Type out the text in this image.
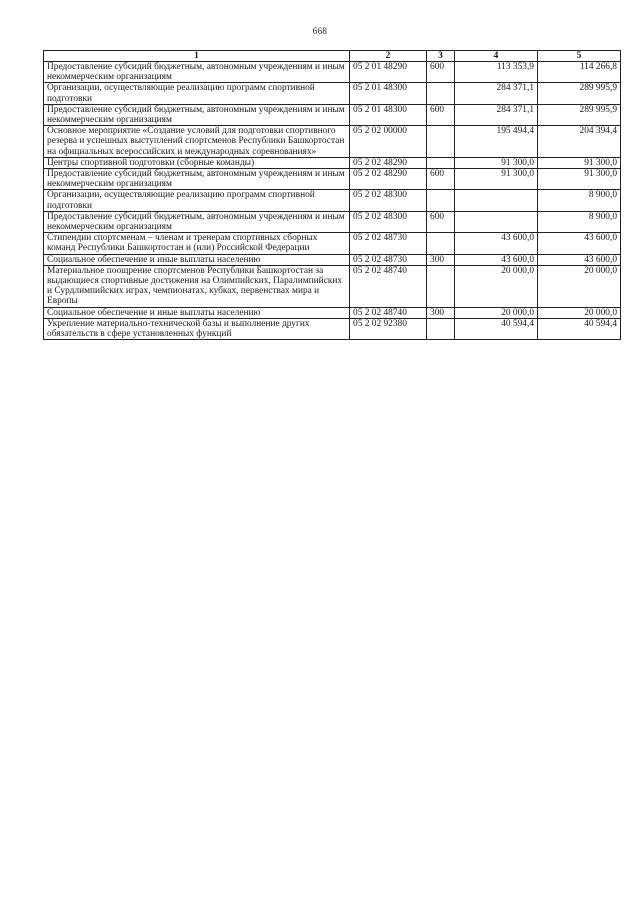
668
1	2	3	4	5
Предоставление субсидий бюджетным, автономным учреждениям и иным некоммерческим организациям	05 2 01 48290	600	113 353,9	114 266,8
Организации, осуществляющие реализацию программ спортивной подготовки	05 2 01 48300		284 371,1	289 995,9
Предоставление субсидий бюджетным, автономным учреждениям и иным некоммерческим организациям	05 2 01 48300	600	284 371,1	289 995,9
Основное мероприятие «Создание условий для подготовки спортивного резерва и успешных выступлений спортсменов Республики Башкортостан на официальных всероссийских и международных соревнованиях»	05 2 02 00000		195 494,4	204 394,4
Центры спортивной подготовки (сборные команды)	05 2 02 48290		91 300,0	91 300,0
Предоставление субсидий бюджетным, автономным учреждениям и иным некоммерческим организациям	05 2 02 48290	600	91 300,0	91 300,0
Организации, осуществляющие реализацию программ спортивной подготовки	05 2 02 48300			8 900,0
Предоставление субсидий бюджетным, автономным учреждениям и иным некоммерческим организациям	05 2 02 48300	600		8 900,0
Стипендии спортсменам – членам и тренерам спортивных сборных команд Республики Башкортостан и (или) Российской Федерации	05 2 02 48730		43 600,0	43 600,0
Социальное обеспечение и иные выплаты населению	05 2 02 48730	300	43 600,0	43 600,0
Материальное поощрение спортсменов Республики Башкортостан за выдающиеся спортивные достижения на Олимпийских, Паралимпийских и Сурдлимпийских играх, чемпионатах, кубках, первенствах мира и Европы	05 2 02 48740		20 000,0	20 000,0
Социальное обеспечение и иные выплаты населению	05 2 02 48740	300	20 000,0	20 000,0
Укрепление материально-технической базы и выполнение других обязательств в сфере установленных функций	05 2 02 92380		40 594,4	40 594,4
